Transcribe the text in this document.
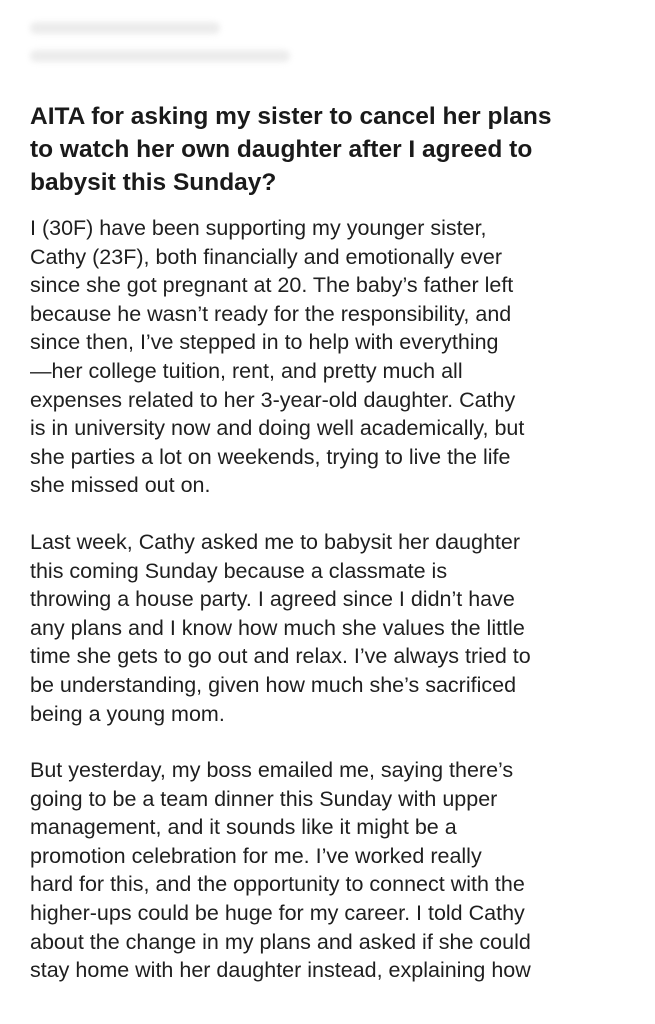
AITA for asking my sister to cancel her plans
to watch her own daughter after I agreed to
babysit this Sunday?

I (30F) have been supporting my younger sister,
Cathy (23F), both financially and emotionally ever
since she got pregnant at 20. The baby’s father left
because he wasn’t ready for the responsibility, and
since then, I’ve stepped in to help with everything
—her college tuition, rent, and pretty much all
expenses related to her 3-year-old daughter. Cathy
is in university now and doing well academically, but
she parties a lot on weekends, trying to live the life
she missed out on.

Last week, Cathy asked me to babysit her daughter
this coming Sunday because a classmate is
throwing a house party. I agreed since I didn’t have
any plans and I know how much she values the little
time she gets to go out and relax. I’ve always tried to
be understanding, given how much she’s sacrificed
being a young mom.

But yesterday, my boss emailed me, saying there’s
going to be a team dinner this Sunday with upper
management, and it sounds like it might be a
promotion celebration for me. I’ve worked really
hard for this, and the opportunity to connect with the
higher-ups could be huge for my career. I told Cathy
about the change in my plans and asked if she could
stay home with her daughter instead, explaining how
